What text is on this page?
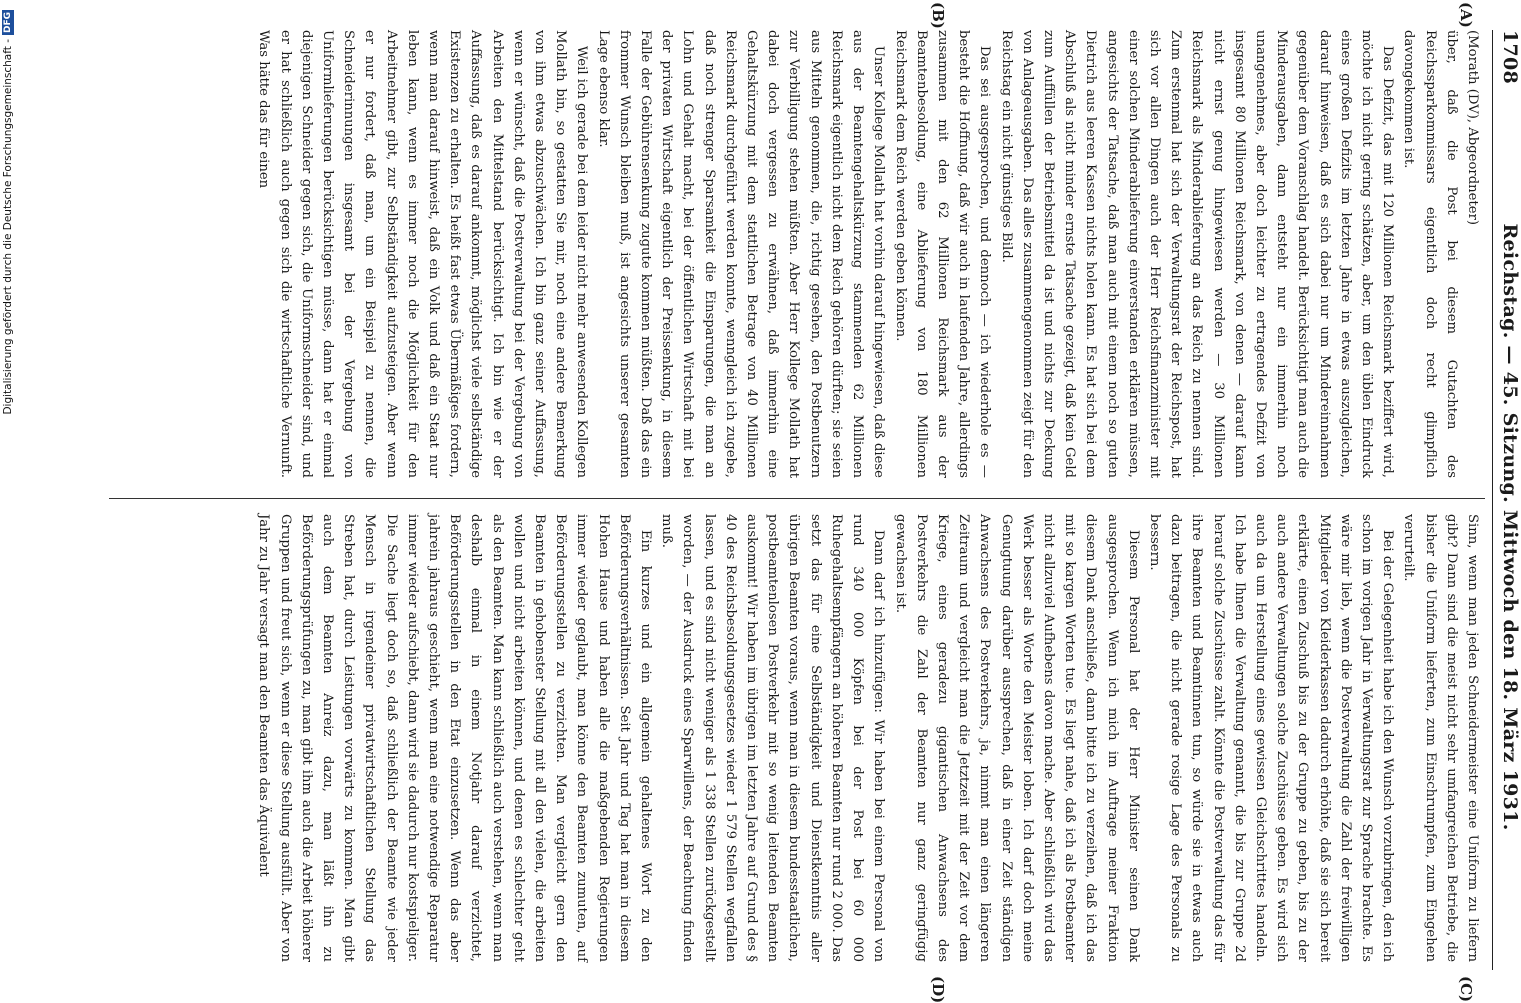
Digitalisierung gefördert durch die Deutsche Forschungsgemeinschaft -
DFG
1708
Reichstag. — 45. Sitzung. Mittwoch den 18. März 1931.
(A)
(B)
(C)
(D)

(Morath (DV), Abgeordneter)

über, daß die Post bei diesem Gutachten des Reichssparkommissars eigentlich doch recht glimpflich davongekommen ist.

Das Defizit, das mit 120 Millionen Reichsmark beziffert wird, möchte ich nicht gering schätzen, aber, um den üblen Eindruck eines großen Defizits im letzten Jahre in etwas auszugleichen, darauf hinweisen, daß es sich dabei nur um Mindereinnahmen gegenüber dem Voranschlag handelt. Berücksichtigt man auch die Minderausgaben, dann entsteht nur ein immerhin noch unangenehmes, aber doch leichter zu ertragendes Defizit von insgesamt 80 Millionen Reichsmark, von denen — darauf kann nicht ernst genug hingewiesen werden — 30 Millionen Reichsmark als Minderablieferung an das Reich zu nennen sind. Zum erstenmal hat sich der Verwaltungsrat der Reichspost, hat sich vor allen Dingen auch der Herr Reichsfinanzminister mit einer solchen Minderablieferung einverstanden erklären müssen, angesichts der Tatsache, daß man auch mit einem noch so guten Dietrich aus leeren Kassen nichts holen kann. Es hat sich bei dem Abschluß als nicht minder ernste Tatsache gezeigt, daß kein Geld zum Auffüllen der Betriebsmittel da ist und nichts zur Deckung von Anlageausgaben. Das alles zusammengenommen zeigt für den Reichstag ein nicht günstiges Bild.

Das sei ausgesprochen, und dennoch — ich wiederhole es — besteht die Hoffnung, daß wir auch in laufenden Jahre, allerdings zusammen mit den 62 Millionen Reichsmark aus der Beamtenbesoldung, eine Ablieferung von 180 Millionen Reichsmark dem Reich werden geben können.

Unser Kollege Mollath hat vorhin darauf hingewiesen, daß diese aus der Beamtengehaltskürzung stammenden 62 Millionen Reichsmark eigentlich nicht dem Reich gehören dürften; sie seien aus Mitteln genommen, die, richtig gesehen, den Postbenutzern zur Verbilligung stehen müßten. Aber Herr Kollege Mollath hat dabei doch vergessen zu erwähnen, daß immerhin eine Gehaltskürzung mit dem stattlichen Betrage von 40 Millionen Reichsmark durchgeführt werden konnte, wenngleich ich zugebe, daß noch strenger Sparsamkeit die Einsparungen, die man an Lohn und Gehalt macht, bei der öffentlichen Wirtschaft mit bei der privaten Wirtschaft eigentlich der Preissenkung, in diesem Falle der Gebührensenkung zugute kommen müßten. Daß das ein frommer Wunsch bleiben muß, ist angesichts unserer gesamten Lage ebenso klar.

Weil ich gerade bei dem leider nicht mehr anwesenden Kollegen Mollath bin, so gestatten Sie mir, noch eine andere Bemerkung von ihm etwas abzuschwächen. Ich bin ganz seiner Auffassung, wenn er wünscht, daß die Postverwaltung bei der Vergebung von Arbeiten den Mittelstand berücksichtigt. Ich bin wie er der Auffassung, daß es darauf ankommt, möglichst viele selbständige Existenzen zu erhalten. Es heißt fast etwas Übermäßiges fordern, wenn man darauf hinweist, daß ein Volk und daß ein Staat nur leben kann, wenn es immer noch die Möglichkeit für den Arbeitnehmer gibt, zur Selbständigkeit aufzusteigen. Aber wenn er nur fordert, daß man, um ein Beispiel zu nennen, die Schneiderinnungen insgesamt bei der Vergebung von Uniformlieferungen berücksichtigen müsse, dann hat er einmal diejenigen Schneider gegen sich, die Uniformschneider sind, und er hat schließlich auch gegen sich die wirtschaftliche Vernunft. Was hätte das für einen

Sinn, wenn man jeden Schneidermeister eine Uniform zu liefern gibt? Dann sind die meist nicht sehr umfangreichen Betriebe, die bisher die Uniform lieferten, zum Einschrumpfen, zum Eingehen verurteilt.

Bei der Gelegenheit habe ich den Wunsch vorzubringen, den ich schon im vorigen Jahr in Verwaltungsrat zur Sprache brachte. Es wäre mir lieb, wenn die Postverwaltung die Zahl der freiwilligen Mitglieder von Kleiderkassen dadurch erhöhte, daß sie sich bereit erklärte, einen Zuschuß bis zu der Gruppe zu geben, bis zu der auch andere Verwaltungen solche Zuschüsse geben. Es wird sich auch da um Herstellung eines gewissen Gleichschrittes handeln. Ich habe Ihnen die Verwaltung genannt, die bis zur Gruppe 2d herauf solche Zuschüsse zahlt. Könnte die Postverwaltung das für ihre Beamten und Beamtinnen tun, so würde sie in etwas auch dazu beitragen, die nicht gerade rosige Lage des Personals zu bessern.

Diesem Personal hat der Herr Minister seinen Dank ausgesprochen. Wenn ich mich im Auftrage meiner Fraktion diesem Dank anschließe, dann bitte ich zu verzeihen, daß ich das mit so kargen Worten tue. Es liegt nahe, daß ich als Postbeamter nicht allzuviel Aufhebens davon mache. Aber schließlich wird das Werk besser als Worte den Meister loben. Ich darf doch meine Genugtuung darüber aussprechen, daß in einer Zeit ständigen Anwachsens des Postverkehrs, ja, nimmt man einen längeren Zeitraum und vergleicht man die Jetztzeit mit der Zeit vor dem Kriege, eines geradezu gigantischen Anwachsens des Postverkehrs die Zahl der Beamten nur ganz geringfügig gewachsen ist.

Dann darf ich hinzufügen: Wir haben bei einem Personal von rund 340 000 Köpfen bei der Post bei 60 000 Ruhegehaltsempfängern an höheren Beamten nur rund 2 000. Das setzt das für eine Selbständigkeit und Dienstkenntnis aller übrigen Beamten voraus, wenn man in diesem bundesstaatlichen, postbeamtenlosen Postverkehr mit so wenig leitenden Beamten auskommt! Wir haben im übrigen im letzten Jahre auf Grund des § 40 des Reichsbesoldungsgesetzes wieder 1 579 Stellen wegfallen lassen, und es sind nicht weniger als 1 338 Stellen zurückgestellt worden, — der Ausdruck eines Sparwillens, der Beachtung finden muß.

Ein kurzes und ein allgemein gehaltenes Wort zu den Beförderungsverhältnissen. Seit Jahr und Tag hat man in diesem Hohen Hause und haben alle die maßgebenden Regierungen immer wieder geglaubt, man könne den Beamten zumuten, auf Beförderungsstellen zu verzichten. Man vergleicht gern den Beamten in gehobenster Stellung mit all den vielen, die arbeiten wollen und nicht arbeiten können, und denen es schlechter geht als den Beamten. Man kann schließlich auch verstehen, wenn man deshalb einmal in einem Notjahr darauf verzichtet, Beförderungsstellen in den Etat einzusetzen. Wenn das aber jahrein jahraus geschieht, wenn man eine notwendige Reparatur immer wieder aufschiebt, dann wird sie dadurch nur kostspieliger. Die Sache liegt doch so, daß schließlich der Beamte wie jeder Mensch in irgendeiner privatwirtschaftlichen Stellung das Streben hat, durch Leistungen vorwärts zu kommen. Man gibt auch dem Beamten Anreiz dazu, man läßt ihn zu Beförderungsprüfungen zu, man gibt ihm auch die Arbeit höherer Gruppen und freut sich, wenn er diese Stellung ausfüllt. Aber von Jahr zu Jahr versagt man den Beamten das Äquivalent
